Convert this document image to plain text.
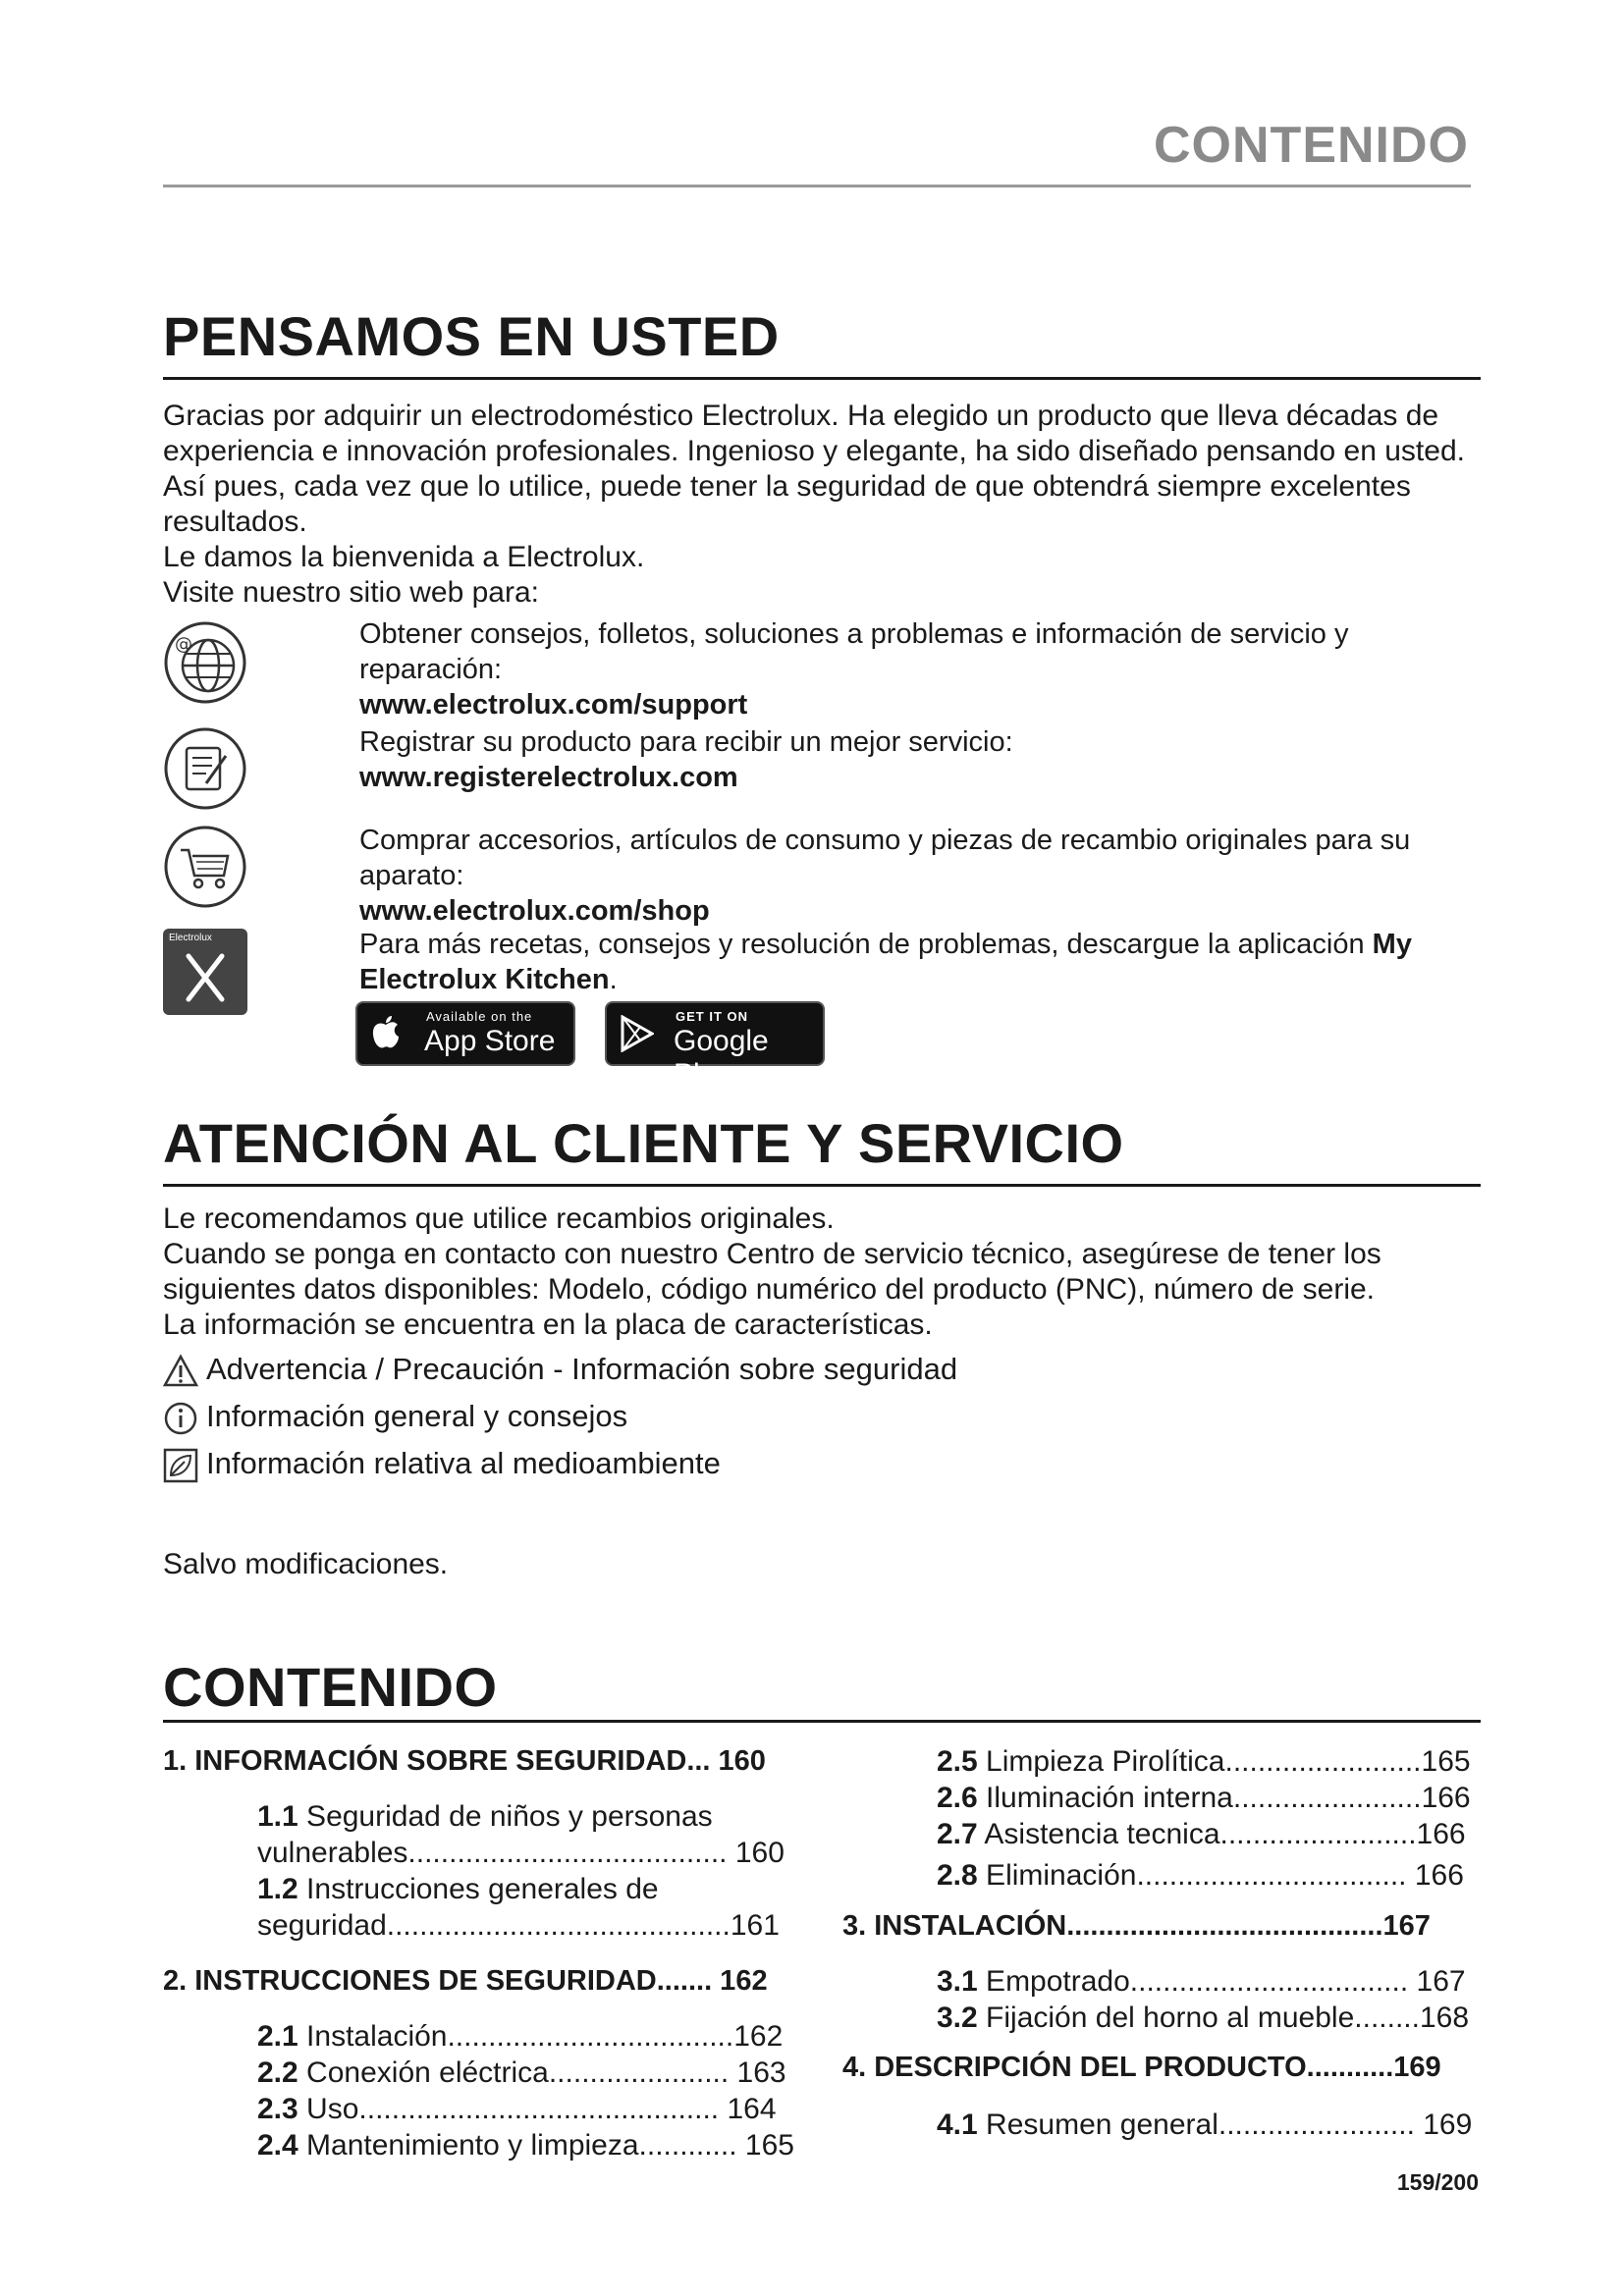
CONTENIDO
PENSAMOS EN USTED

Gracias por adquirir un electrodoméstico Electrolux. Ha elegido un producto que lleva décadas de experiencia e innovación profesionales. Ingenioso y elegante, ha sido diseñado pensando en usted. Así pues, cada vez que lo utilice, puede tener la seguridad de que obtendrá siempre excelentes resultados.

Le damos la bienvenida a Electrolux.

Visite nuestro sitio web para:

@	Obtener consejos, folletos, soluciones a problemas e información de servicio y reparación:

www.electrolux.com/support

Registrar su producto para recibir un mejor servicio:

www.registerelectrolux.com

Comprar accesorios, artículos de consumo y piezas de recambio originales para su aparato:

www.electrolux.com/shop

Electrolux	Para más recetas, consejos y resolución de problemas, descargue la aplicación My Electrolux Kitchen.
Available on the
App Store
GET IT ON
Google Play
ATENCIÓN AL CLIENTE Y SERVICIO

Le recomendamos que utilice recambios originales.

Cuando se ponga en contacto con nuestro Centro de servicio técnico, asegúrese de tener los siguientes datos disponibles: Modelo, código numérico del producto (PNC), número de serie.

La información se encuentra en la placa de características.

Advertencia / Precaución - Información sobre seguridad
Información general y consejos
Información relativa al medioambiente
Salvo modificaciones.
CONTENIDO
1. INFORMACIÓN SOBRE SEGURIDAD... 160
1.1 Seguridad de niños y personas
vulnerables....................................... 160
1.2 Instrucciones generales de
seguridad..........................................161
2. INSTRUCCIONES DE SEGURIDAD....... 162
2.1 Instalación...................................162
2.2 Conexión eléctrica...................... 163
2.3 Uso............................................ 164
2.4 Mantenimiento y limpieza............ 165
2.5 Limpieza Pirolítica........................165
2.6 Iluminación interna.......................166
2.7 Asistencia tecnica........................166
2.8 Eliminación................................. 166
3. INSTALACIÓN........................................167
3.1 Empotrado.................................. 167
3.2 Fijación del horno al mueble........168
4. DESCRIPCIÓN DEL PRODUCTO...........169
4.1 Resumen general........................ 169
159/200
